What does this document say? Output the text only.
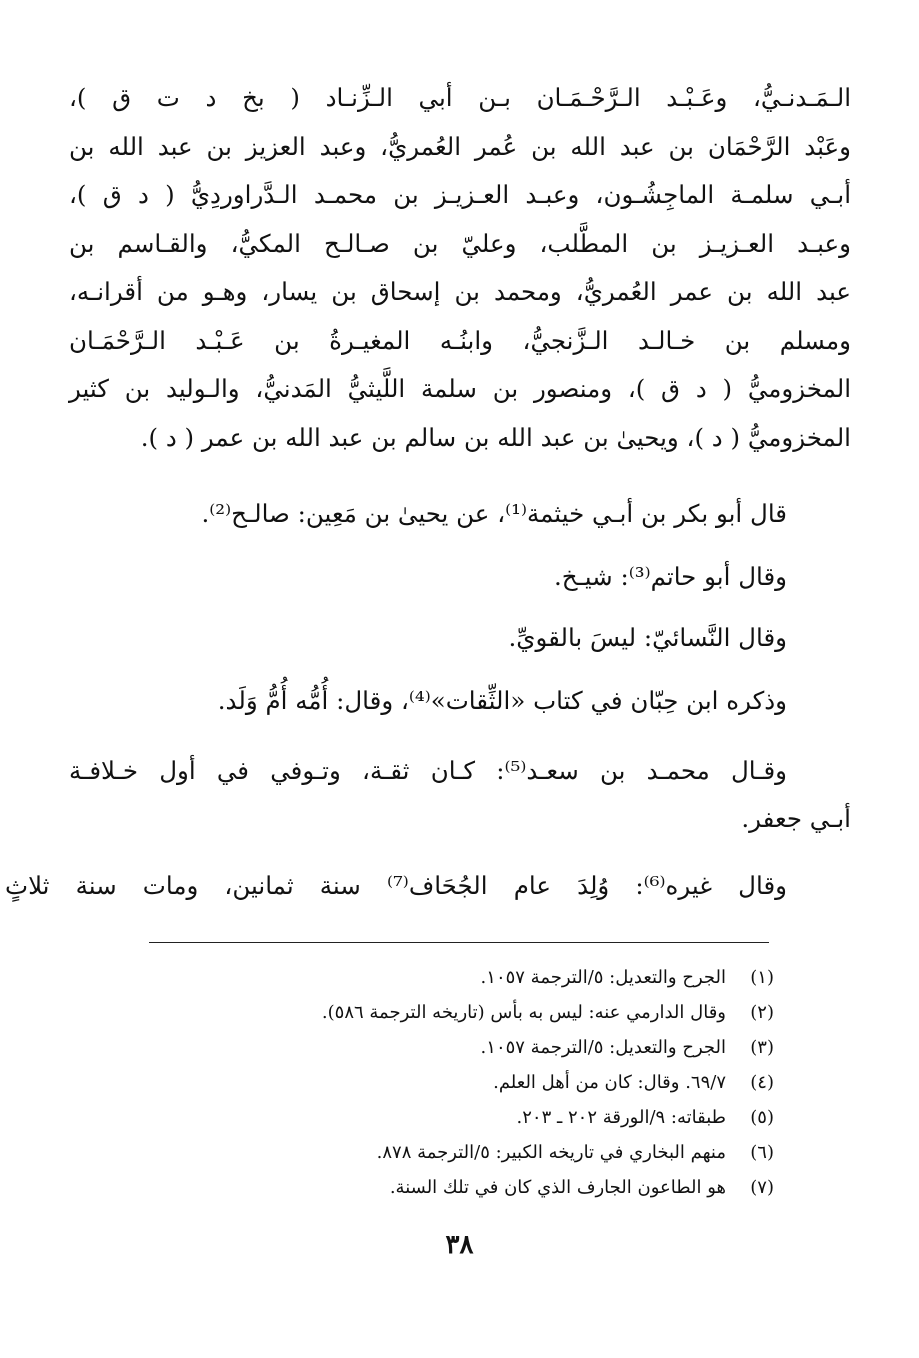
الـمَـدنـيُّ، وعَـبْـد الـرَّحْـمَـان بـن أبي الـزِّنـاد ( بخ د ت ق )،
وعَبْد الرَّحْمَان بن عبد الله بن عُمر العُمريُّ، وعبد العزيز بن عبد الله بن
أبـي سلمـة الماجِشُـون، وعبـد العـزيـز بن محمـد الـدَّراوردِيُّ ( د ق )،
وعبـد العـزيـز بن المطَّلب، وعليّ بن صـالـح المكيُّ، والقـاسم بن
عبد الله بن عمر العُمريُّ، ومحمد بن إسحاق بن يسار، وهـو من أقرانـه،
ومسلم بن خـالـد الـزَّنجيُّ، وابنُـه المغيـرةُ بن عَـبْـد الـرَّحْمَـان
المخزوميُّ ( د ق )، ومنصور بن سلمة اللَّيثيُّ المَدنيُّ، والـوليد بن كثير
المخزوميُّ ( د )، ويحيىٰ بن عبد الله بن سالم بن عبد الله بن عمر ( د ).
قال أبو بكر بن أبـي خيثمة⁽¹⁾، عن يحيىٰ بن مَعِين: صالـح⁽²⁾.
وقال أبو حاتم⁽³⁾: شيـخ.
وقال النَّسائيّ: ليسَ بالقويِّ.
وذكره ابن حِبّان في كتاب «الثِّقات»⁽⁴⁾، وقال: أُمُّه أُمُّ وَلَد.
وقـال محمـد بن سعـد⁽⁵⁾: كـان ثقـة، وتـوفي في أول خـلافـة
أبـي جعفر.
وقال غيره⁽⁶⁾: وُلِدَ عام الجُحَاف⁽⁷⁾ سنة ثمانين، ومات سنة ثلاثٍ
(١)
الجرح والتعديل: ٥/الترجمة ١٠٥٧.
(٢)
وقال الدارمي عنه: ليس به بأس (تاريخه الترجمة ٥٨٦).
(٣)
الجرح والتعديل: ٥/الترجمة ١٠٥٧.
(٤)
٦٩/٧. وقال: كان من أهل العلم.
(٥)
طبقاته: ٩/الورقة ٢٠٢ ـ ٢٠٣.
(٦)
منهم البخاري في تاريخه الكبير: ٥/الترجمة ٨٧٨.
(٧)
هو الطاعون الجارف الذي كان في تلك السنة.
٣٨
